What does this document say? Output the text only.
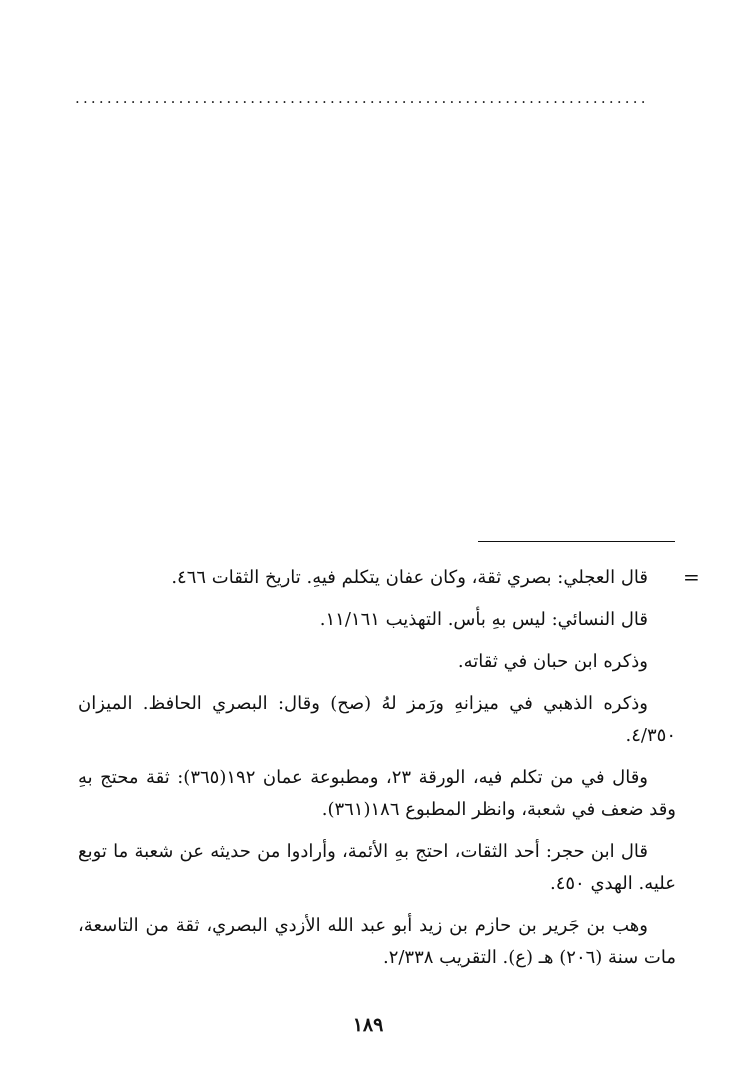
........................................................................
=

قال العجلي: بصري ثقة، وكان عفان يتكلم فيهِ. تاريخ الثقات ٤٦٦.

قال النسائي: ليس بهِ بأس. التهذيب ١١/١٦١.

وذكره ابن حبان في ثقاته.

وذكره الذهبي في ميزانهِ ورَمز لهُ (صح) وقال: البصري الحافظ. الميزان ٤/٣٥٠.

وقال في من تكلم فيه، الورقة ٢٣، ومطبوعة عمان ١٩٢(٣٦٥): ثقة محتج بهِ وقد ضعف في شعبة، وانظر المطبوع ١٨٦(٣٦١).

قال ابن حجر: أحد الثقات، احتج بهِ الأئمة، وأرادوا من حديثه عن شعبة ما توبع عليه. الهدي ٤٥٠.

وهب بن جَرير بن حازم بن زيد أبو عبد الله الأزدي البصري، ثقة من التاسعة، مات سنة (٢٠٦) هـ (ع). التقريب ٢/٣٣٨.

١٨٩
